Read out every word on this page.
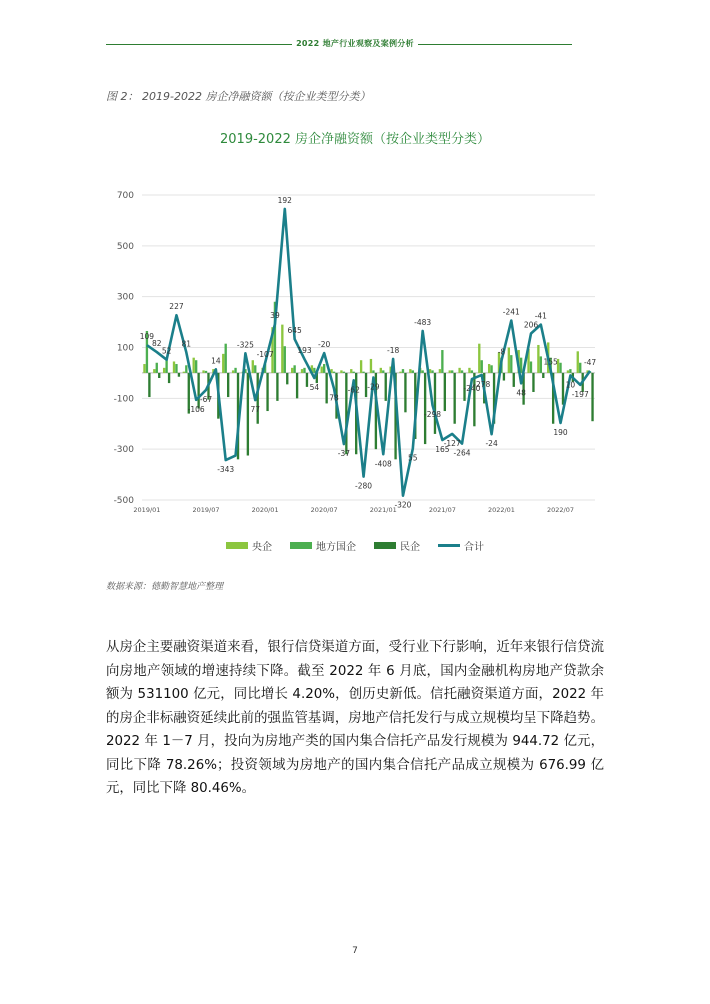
2022 地产行业观察及案例分析
图 2： 2019-2022 房企净融资额（按企业类型分类）
2019-2022 房企净融资额（按企业类型分类）
700
500
300
100
-100
-300
-500
2019/01	2019/07	2020/01	2020/07	2021/01	2021/07	2022/01	2022/07
109
82
52
227
81
-106
-67
14
-343
-325
77
-107
39
192
645
193
54
-20
78
-37
-62
-280
-29
-408
-18
-320
55
-483
-298
165
-127
-264
-240
-278
-24
-8
-241
48
206
-41
155
190
10
-197
-47
央企	地方国企	民企	合计
数据来源：德勤智慧地产整理
从房企主要融资渠道来看，银行信贷渠道方面，受行业下行影响，近年来银行信贷流向房地产领域的增速持续下降。截至 2022 年 6 月底，国内金融机构房地产贷款余额为 531100 亿元，同比增长 4.20%，创历史新低。信托融资渠道方面，2022 年的房企非标融资延续此前的强监管基调，房地产信托发行与成立规模均呈下降趋势。2022 年 1－7 月，投向为房地产类的国内集合信托产品发行规模为 944.72 亿元，同比下降 78.26%；投资领域为房地产的国内集合信托产品成立规模为 676.99 亿元，同比下降 80.46%。
7
